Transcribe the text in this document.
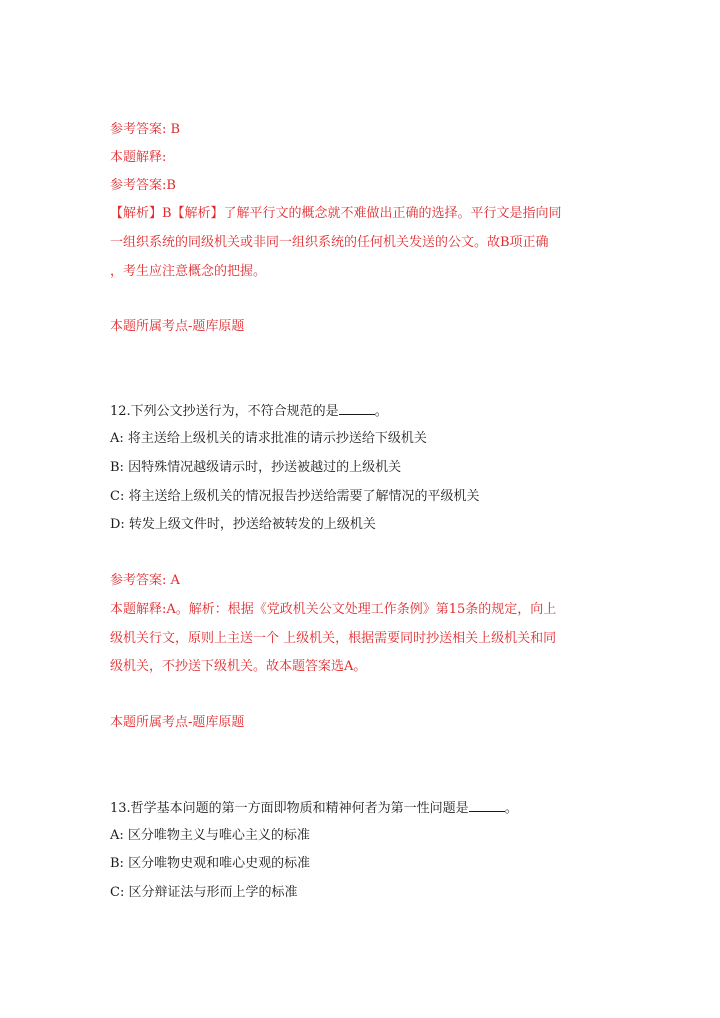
参考答案: B
本题解释:
参考答案:B
【解析】B【解析】了解平行文的概念就不难做出正确的选择。平行文是指向同
一组织系统的同级机关或非同一组织系统的任何机关发送的公文。故B项正确
，考生应注意概念的把握。
本题所属考点-题库原题
12.下列公文抄送行为，不符合规范的是	。
A: 将主送给上级机关的请求批准的请示抄送给下级机关
B: 因特殊情况越级请示时，抄送被越过的上级机关
C: 将主送给上级机关的情况报告抄送给需要了解情况的平级机关
D: 转发上级文件时，抄送给被转发的上级机关
参考答案: A
本题解释:A。解析：根据《党政机关公文处理工作条例》第15条的规定，向上
级机关行文，原则上主送一个 上级机关，根据需要同时抄送相关上级机关和同
级机关，不抄送下级机关。故本题答案选A。
本题所属考点-题库原题
13.哲学基本问题的第一方面即物质和精神何者为第一性问题是	。
A: 区分唯物主义与唯心主义的标准
B: 区分唯物史观和唯心史观的标准
C: 区分辩证法与形而上学的标准
